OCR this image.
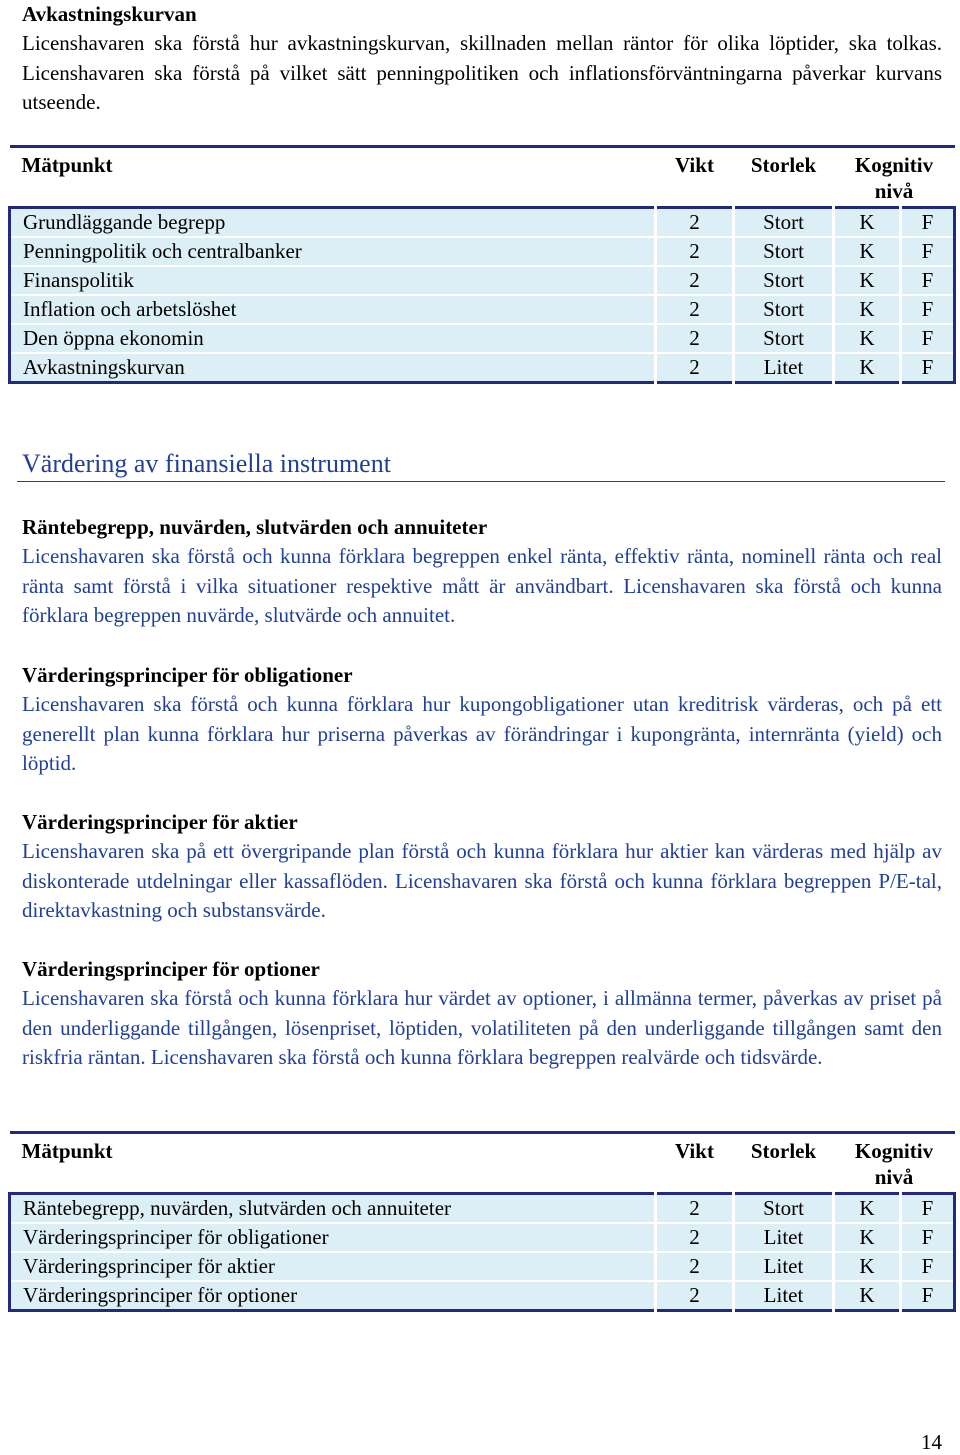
Avkastningskurvan

Licenshavaren ska förstå hur avkastningskurvan, skillnaden mellan räntor för olika löptider, ska tolkas. Licenshavaren ska förstå på vilket sätt penningpolitiken och inflationsförväntningarna påverkar kurvans utseende.

Mätpunkt	Vikt	Storlek	Kognitiv nivå	
Grundläggande begrepp	2	Stort	K	F
Penningpolitik och centralbanker	2	Stort	K	F
Finanspolitik	2	Stort	K	F
Inflation och arbetslöshet	2	Stort	K	F
Den öppna ekonomin	2	Stort	K	F
Avkastningskurvan	2	Litet	K	F
Värdering av finansiella instrument
Räntebegrepp, nuvärden, slutvärden och annuiteter

Licenshavaren ska förstå och kunna förklara begreppen enkel ränta, effektiv ränta, nominell ränta och real ränta samt förstå i vilka situationer respektive mått är användbart. Licenshavaren ska förstå och kunna förklara begreppen nuvärde, slutvärde och annuitet.

Värderingsprinciper för obligationer

Licenshavaren ska förstå och kunna förklara hur kupongobligationer utan kreditrisk värderas, och på ett generellt plan kunna förklara hur priserna påverkas av förändringar i kupongränta, internränta (yield) och löptid.

Värderingsprinciper för aktier

Licenshavaren ska på ett övergripande plan förstå och kunna förklara hur aktier kan värderas med hjälp av diskonterade utdelningar eller kassaflöden. Licenshavaren ska förstå och kunna förklara begreppen P/E-tal, direktavkastning och substansvärde.

Värderingsprinciper för optioner

Licenshavaren ska förstå och kunna förklara hur värdet av optioner, i allmänna termer, påverkas av priset på den underliggande tillgången, lösenpriset, löptiden, volatiliteten på den underliggande tillgången samt den riskfria räntan. Licenshavaren ska förstå och kunna förklara begreppen realvärde och tidsvärde.

Mätpunkt	Vikt	Storlek	Kognitiv nivå	
Räntebegrepp, nuvärden, slutvärden och annuiteter	2	Stort	K	F
Värderingsprinciper för obligationer	2	Litet	K	F
Värderingsprinciper för aktier	2	Litet	K	F
Värderingsprinciper för optioner	2	Litet	K	F

14
